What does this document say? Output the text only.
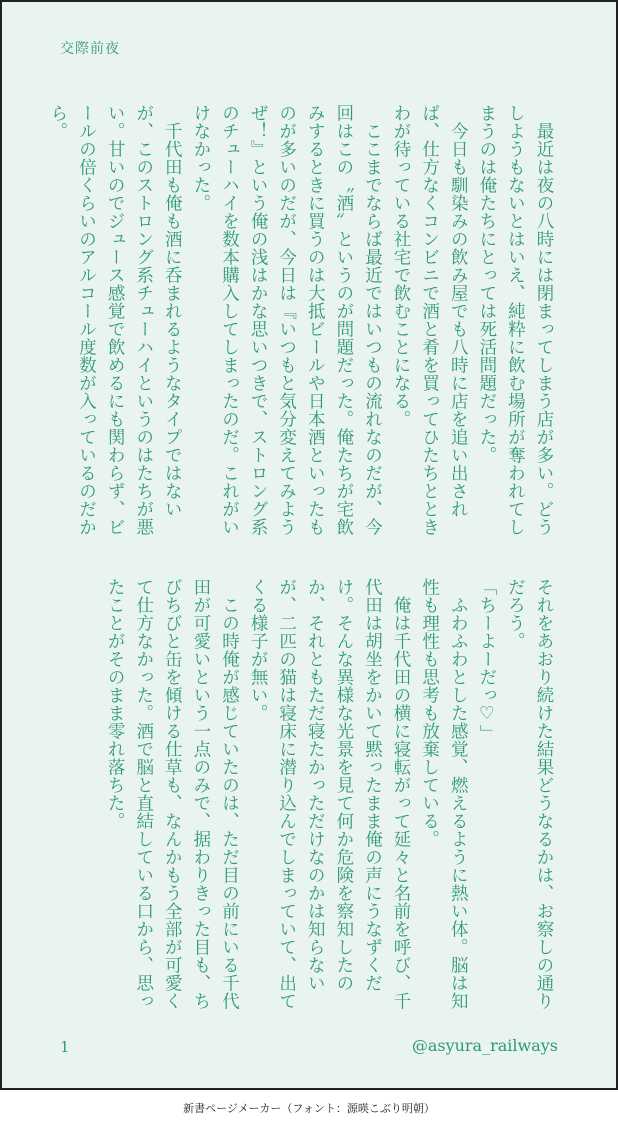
交際前夜

最近は夜の八時には閉まってしまう店が多い。どうしようもないとはいえ、純粋に飲む場所が奪われてしまうのは俺たちにとっては死活問題だった。

今日も馴染みの飲み屋でも八時に店を追い出されば、仕方なくコンビニで酒と肴を買ってひたちとときわが待っている社宅で飲むことになる。

ここまでならば最近ではいつもの流れなのだが、今回はこの〝酒〟というのが問題だった。俺たちが宅飲みするときに買うのは大抵ビールや日本酒といったものが多いのだが、今日は『いつもと気分変えてみようぜ！』という俺の浅はかな思いつきで、ストロング系のチューハイを数本購入してしまったのだ。これがいけなかった。

千代田も俺も酒に呑まれるようなタイプではないが、このストロング系チューハイというのはたちが悪い。甘いのでジュース感覚で飲めるにも関わらず、ビールの倍くらいのアルコール度数が入っているのだから。

それをあおり続けた結果どうなるかは、お察しの通りだろう。

「ちーよーだっ♡」

ふわふわとした感覚、燃えるように熱い体。脳は知性も理性も思考も放棄している。

俺は千代田の横に寝転がって延々と名前を呼び、千代田は胡坐をかいて黙ったまま俺の声にうなずくだけ。そんな異様な光景を見て何か危険を察知したのか、それともただ寝たかっただけなのかは知らないが、二匹の猫は寝床に潜り込んでしまっていて、出てくる様子が無い。

この時俺が感じていたのは、ただ目の前にいる千代田が可愛いという一点のみで、据わりきった目も、ちびちびと缶を傾ける仕草も、なんかもう全部が可愛くて仕方なかった。酒で脳と直結している口から、思ったことがそのまま零れ落ちた。

1	@asyura_railways
新書ページメーカー（フォント：源暎こぶり明朝）
